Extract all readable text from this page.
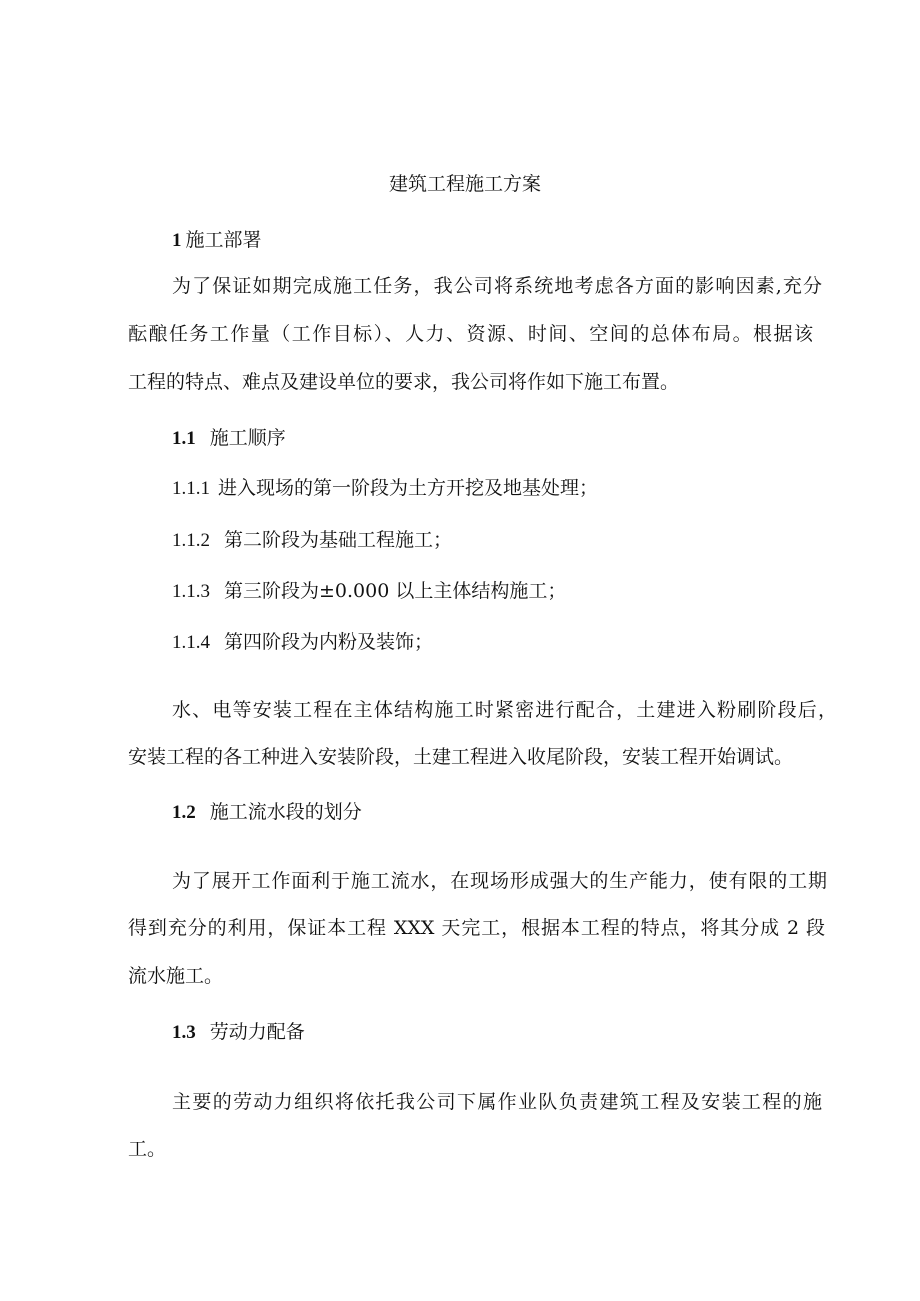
建筑工程施工方案
1 施工部署
为了保证如期完成施工任务，我公司将系统地考虑各方面的影响因素,充分
酝酿任务工作量（工作目标）、人力、资源、时间、空间的总体布局。根据该
工程的特点、难点及建设单位的要求，我公司将作如下施工布置。
1.1 施工顺序
1.1.1 进入现场的第一阶段为土方开挖及地基处理；
1.1.2 第二阶段为基础工程施工；
1.1.3 第三阶段为±0.000 以上主体结构施工；
1.1.4 第四阶段为内粉及装饰；
水、电等安装工程在主体结构施工时紧密进行配合，土建进入粉刷阶段后，
安装工程的各工种进入安装阶段，土建工程进入收尾阶段，安装工程开始调试。
1.2 施工流水段的划分
为了展开工作面利于施工流水，在现场形成强大的生产能力，使有限的工期
得到充分的利用，保证本工程 XXX 天完工，根据本工程的特点，将其分成 2 段
流水施工。
1.3 劳动力配备
主要的劳动力组织将依托我公司下属作业队负责建筑工程及安装工程的施
工。
